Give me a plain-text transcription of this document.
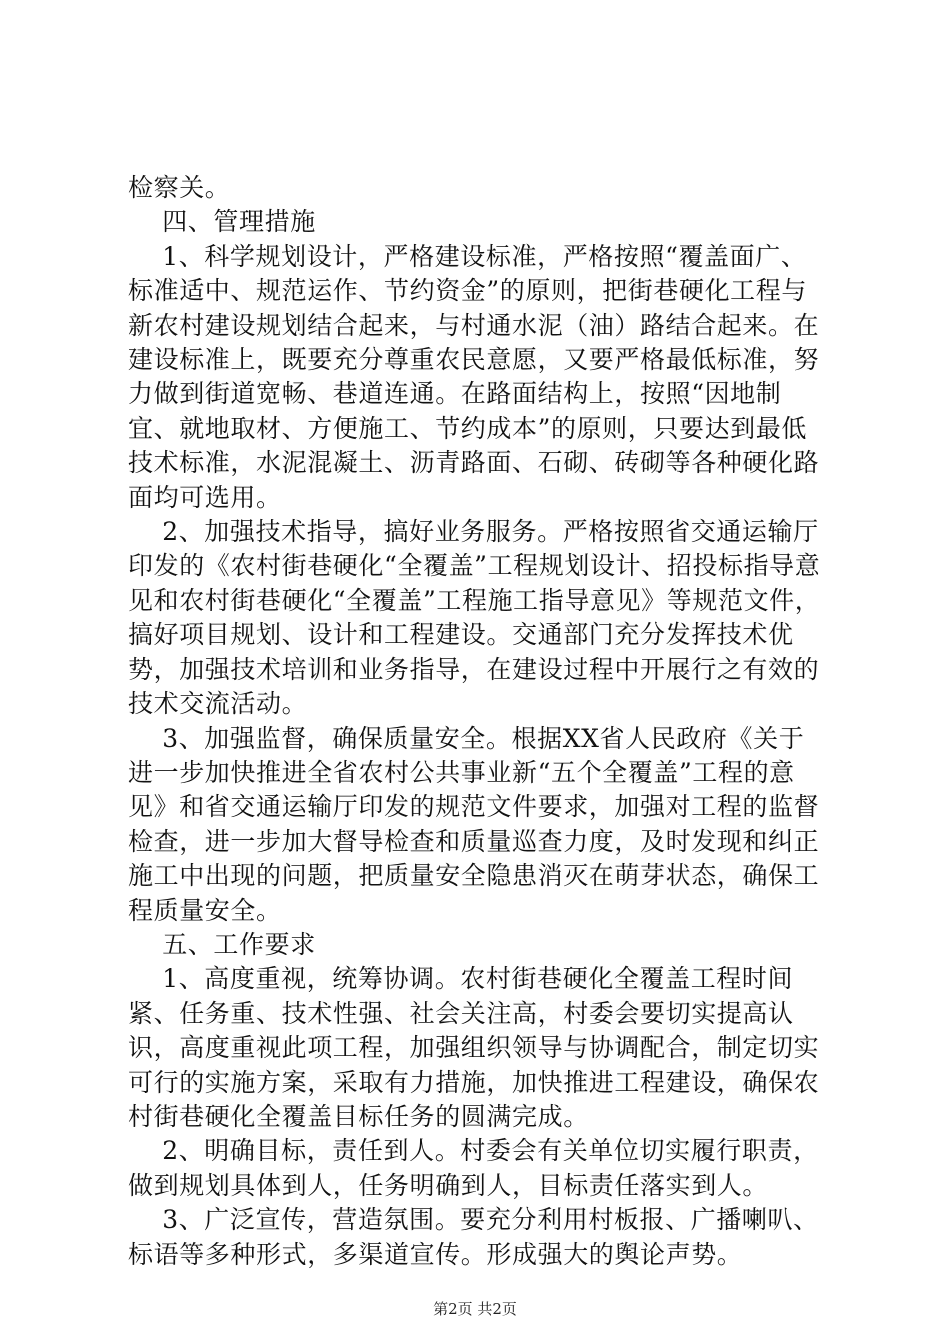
检察关。

四、管理措施

1、科学规划设计，严格建设标准，严格按照“覆盖面广、标准适中、规范运作、节约资金”的原则，把街巷硬化工程与新农村建设规划结合起来，与村通水泥（油）路结合起来。在建设标准上，既要充分尊重农民意愿，又要严格最低标准，努力做到街道宽畅、巷道连通。在路面结构上，按照“因地制宜、就地取材、方便施工、节约成本”的原则，只要达到最低技术标准，水泥混凝土、沥青路面、石砌、砖砌等各种硬化路面均可选用。

2、加强技术指导，搞好业务服务。严格按照省交通运输厅印发的《农村街巷硬化“全覆盖”工程规划设计、招投标指导意见和农村街巷硬化“全覆盖”工程施工指导意见》等规范文件，搞好项目规划、设计和工程建设。交通部门充分发挥技术优势，加强技术培训和业务指导，在建设过程中开展行之有效的技术交流活动。

3、加强监督，确保质量安全。根据XX省人民政府《关于进一步加快推进全省农村公共事业新“五个全覆盖”工程的意见》和省交通运输厅印发的规范文件要求，加强对工程的监督检查，进一步加大督导检查和质量巡查力度，及时发现和纠正施工中出现的问题，把质量安全隐患消灭在萌芽状态，确保工程质量安全。

五、工作要求

1、高度重视，统筹协调。农村街巷硬化全覆盖工程时间紧、任务重、技术性强、社会关注高，村委会要切实提高认识，高度重视此项工程，加强组织领导与协调配合，制定切实可行的实施方案，采取有力措施，加快推进工程建设，确保农村街巷硬化全覆盖目标任务的圆满完成。

2、明确目标，责任到人。村委会有关单位切实履行职责，做到规划具体到人，任务明确到人，目标责任落实到人。

3、广泛宣传，营造氛围。要充分利用村板报、广播喇叭、标语等多种形式，多渠道宣传。形成强大的舆论声势。

第2页 共2页
